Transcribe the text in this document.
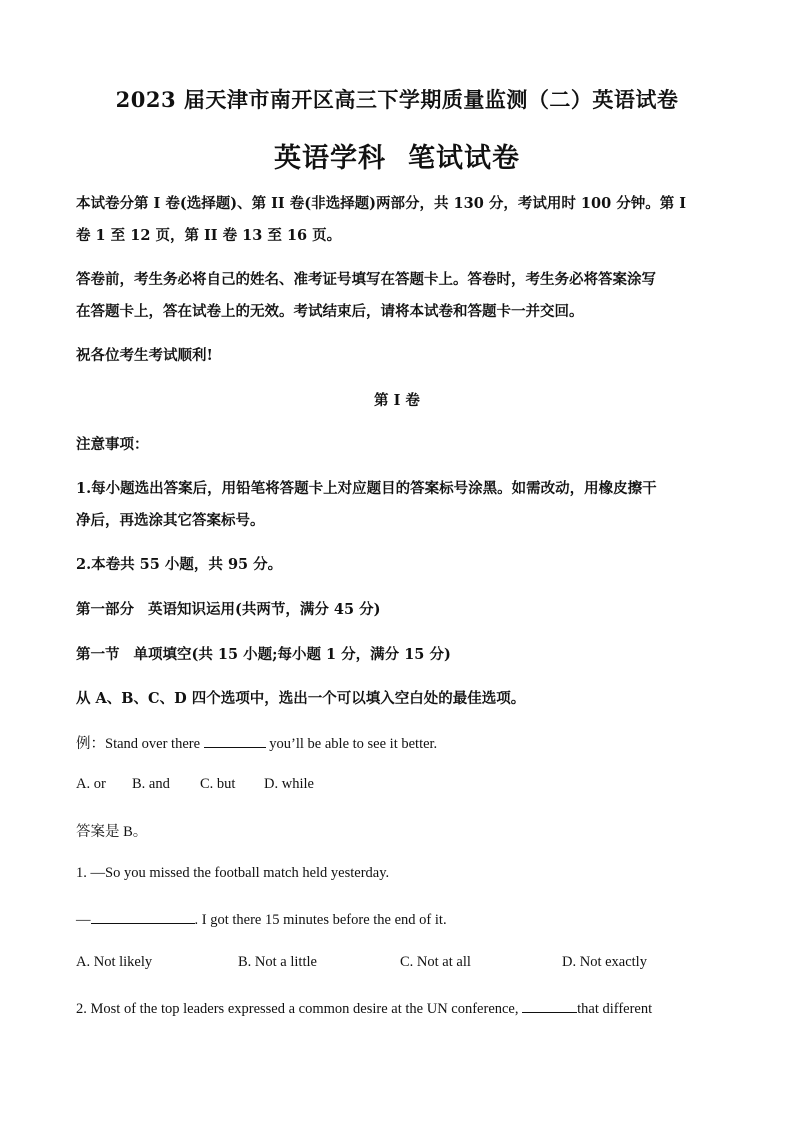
2023 届天津市南开区高三下学期质量监测（二）英语试卷
英语学科 笔试试卷
本试卷分第 I 卷(选择题)、第 II 卷(非选择题)两部分，共 130 分，考试用时 100 分钟。第 I
卷 1 至 12 页，第 II 卷 13 至 16 页。
答卷前，考生务必将自己的姓名、准考证号填写在答题卡上。答卷时，考生务必将答案涂写
在答题卡上，答在试卷上的无效。考试结束后，请将本试卷和答题卡一并交回。
祝各位考生考试顺利!
第 I 卷
注意事项：
1.每小题选出答案后，用铅笔将答题卡上对应题目的答案标号涂黑。如需改动，用橡皮擦干
净后，再选涂其它答案标号。
2.本卷共 55 小题，共 95 分。
第一部分 英语知识运用(共两节，满分 45 分)
第一节 单项填空(共 15 小题;每小题 1 分，满分 15 分)
从 A、B、C、D 四个选项中，选出一个可以填入空白处的最佳选项。
例：Stand over there	you’ll be able to see it better.
A. or B. and C. but D. while
答案是 B。
1. —So you missed the football match held yesterday.
—	. I got there 15 minutes before the end of it.
A. Not likely	B. Not a little	C. Not at all	D. Not exactly
2. Most of the top leaders expressed a common desire at the UN conference,	that different
